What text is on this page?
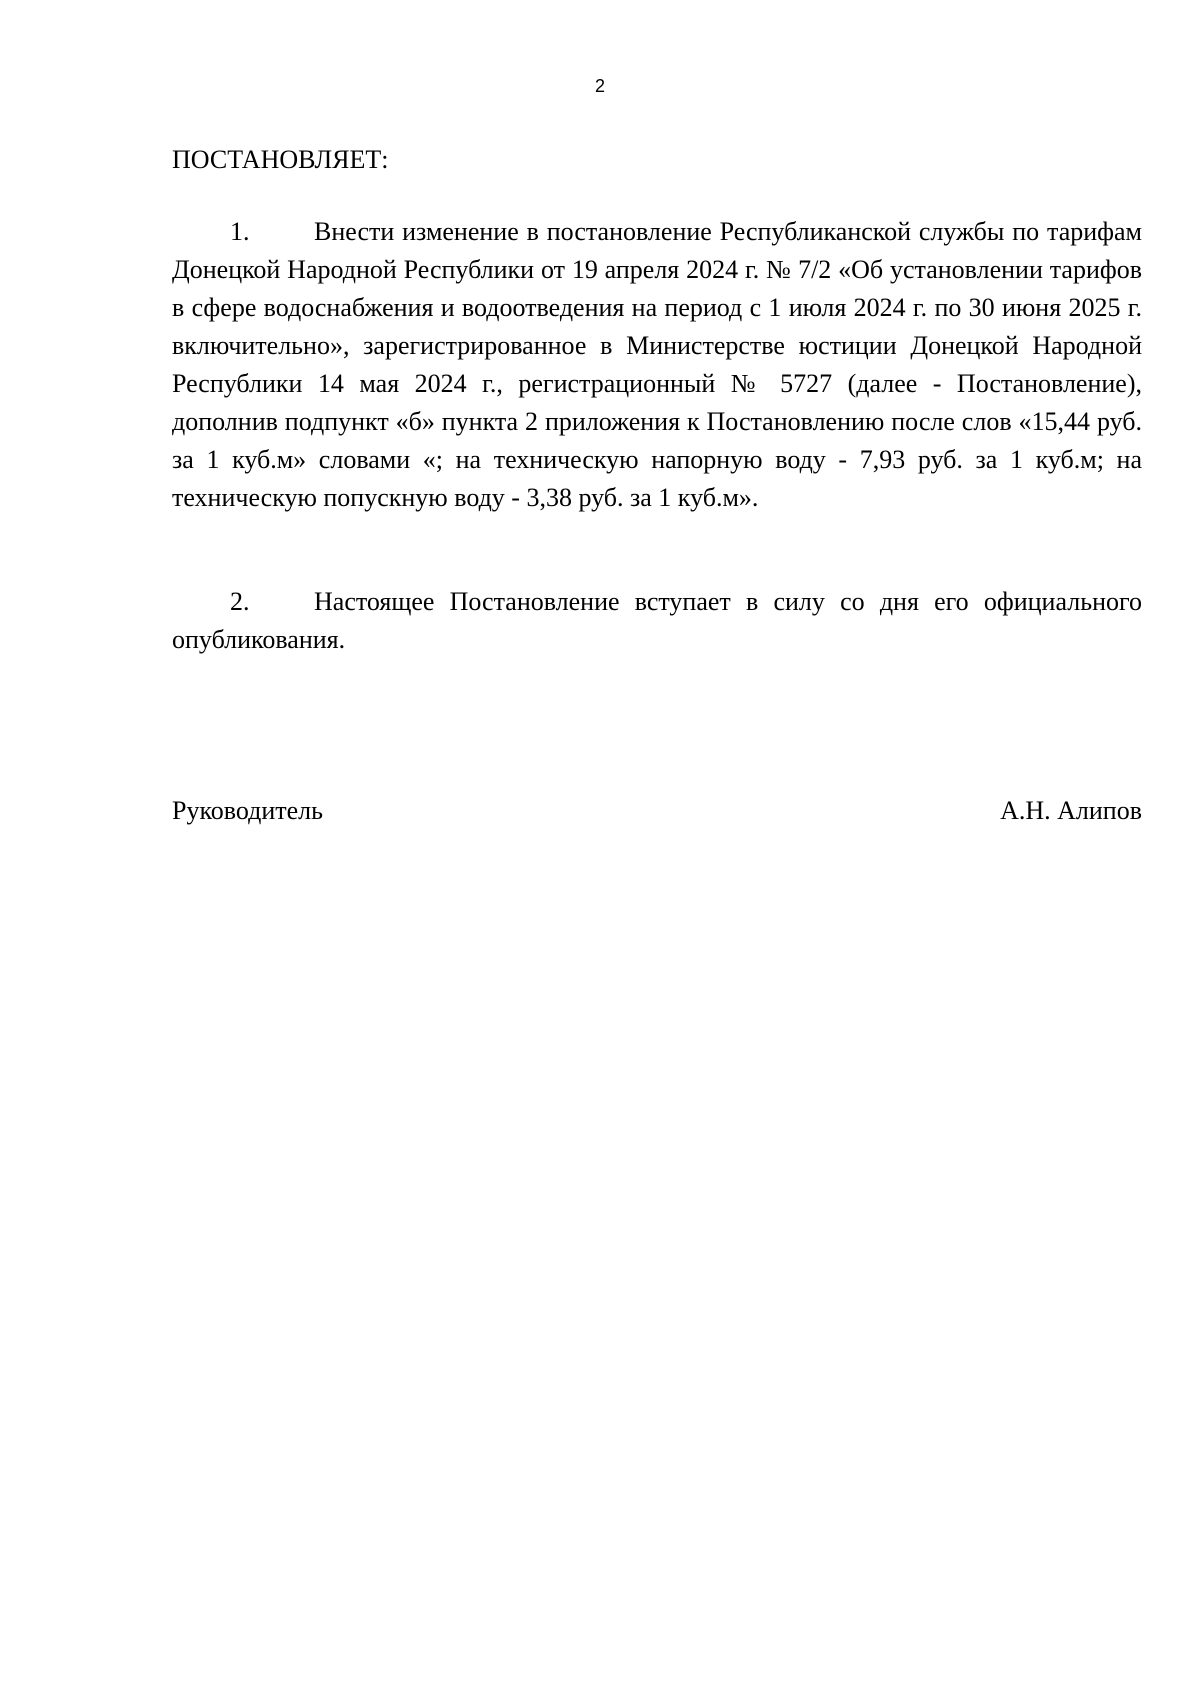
2
ПОСТАНОВЛЯЕТ:

1. Внести изменение в постановление Республиканской службы по тарифам Донецкой Народной Республики от 19 апреля 2024 г. № 7/2 «Об установлении тарифов в сфере водоснабжения и водоотведения на период с 1 июля 2024 г. по 30 июня 2025 г. включительно», зарегистрированное в Министерстве юстиции Донецкой Народной Республики 14 мая 2024 г., регистрационный № 5727 (далее - Постановление), дополнив подпункт «б» пункта 2 приложения к Постановлению после слов «15,44 руб. за 1 куб.м» словами «; на техническую напорную воду - 7,93 руб. за 1 куб.м; на техническую попускную воду - 3,38 руб. за 1 куб.м».

2. Настоящее Постановление вступает в силу со дня его официального опубликования.

Руководитель	А.Н. Алипов
